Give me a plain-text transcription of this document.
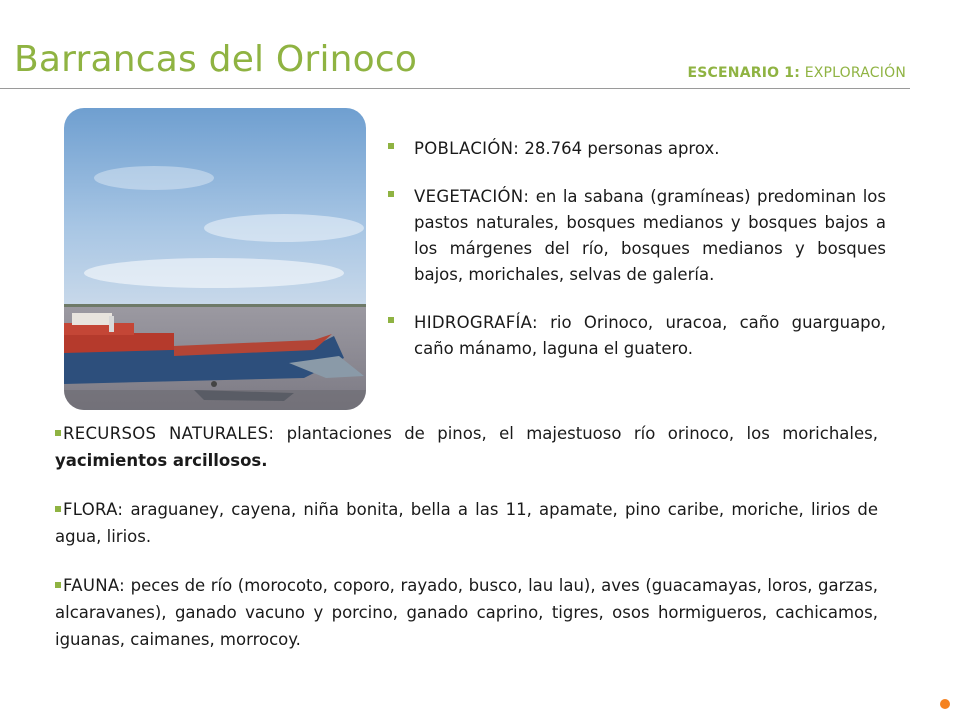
Barrancas del Orinoco	ESCENARIO 1: EXPLORACIÓN
POBLACIÓN: 28.764 personas aprox.
VEGETACIÓN: en la sabana (gramíneas) predominan los pastos naturales, bosques medianos y bosques bajos a los márgenes del río, bosques medianos y bosques bajos, morichales, selvas de galería.
HIDROGRAFÍA: rio Orinoco, uracoa, caño guarguapo, caño mánamo, laguna el guatero.
RECURSOS NATURALES: plantaciones de pinos, el majestuoso río orinoco, los morichales, yacimientos arcillosos.
FLORA: araguaney, cayena, niña bonita, bella a las 11, apamate, pino caribe, moriche, lirios de agua, lirios.
FAUNA: peces de río (morocoto, coporo, rayado, busco, lau lau), aves (guacamayas, loros, garzas, alcaravanes), ganado vacuno y porcino, ganado caprino, tigres, osos hormigueros, cachicamos, iguanas, caimanes, morrocoy.
